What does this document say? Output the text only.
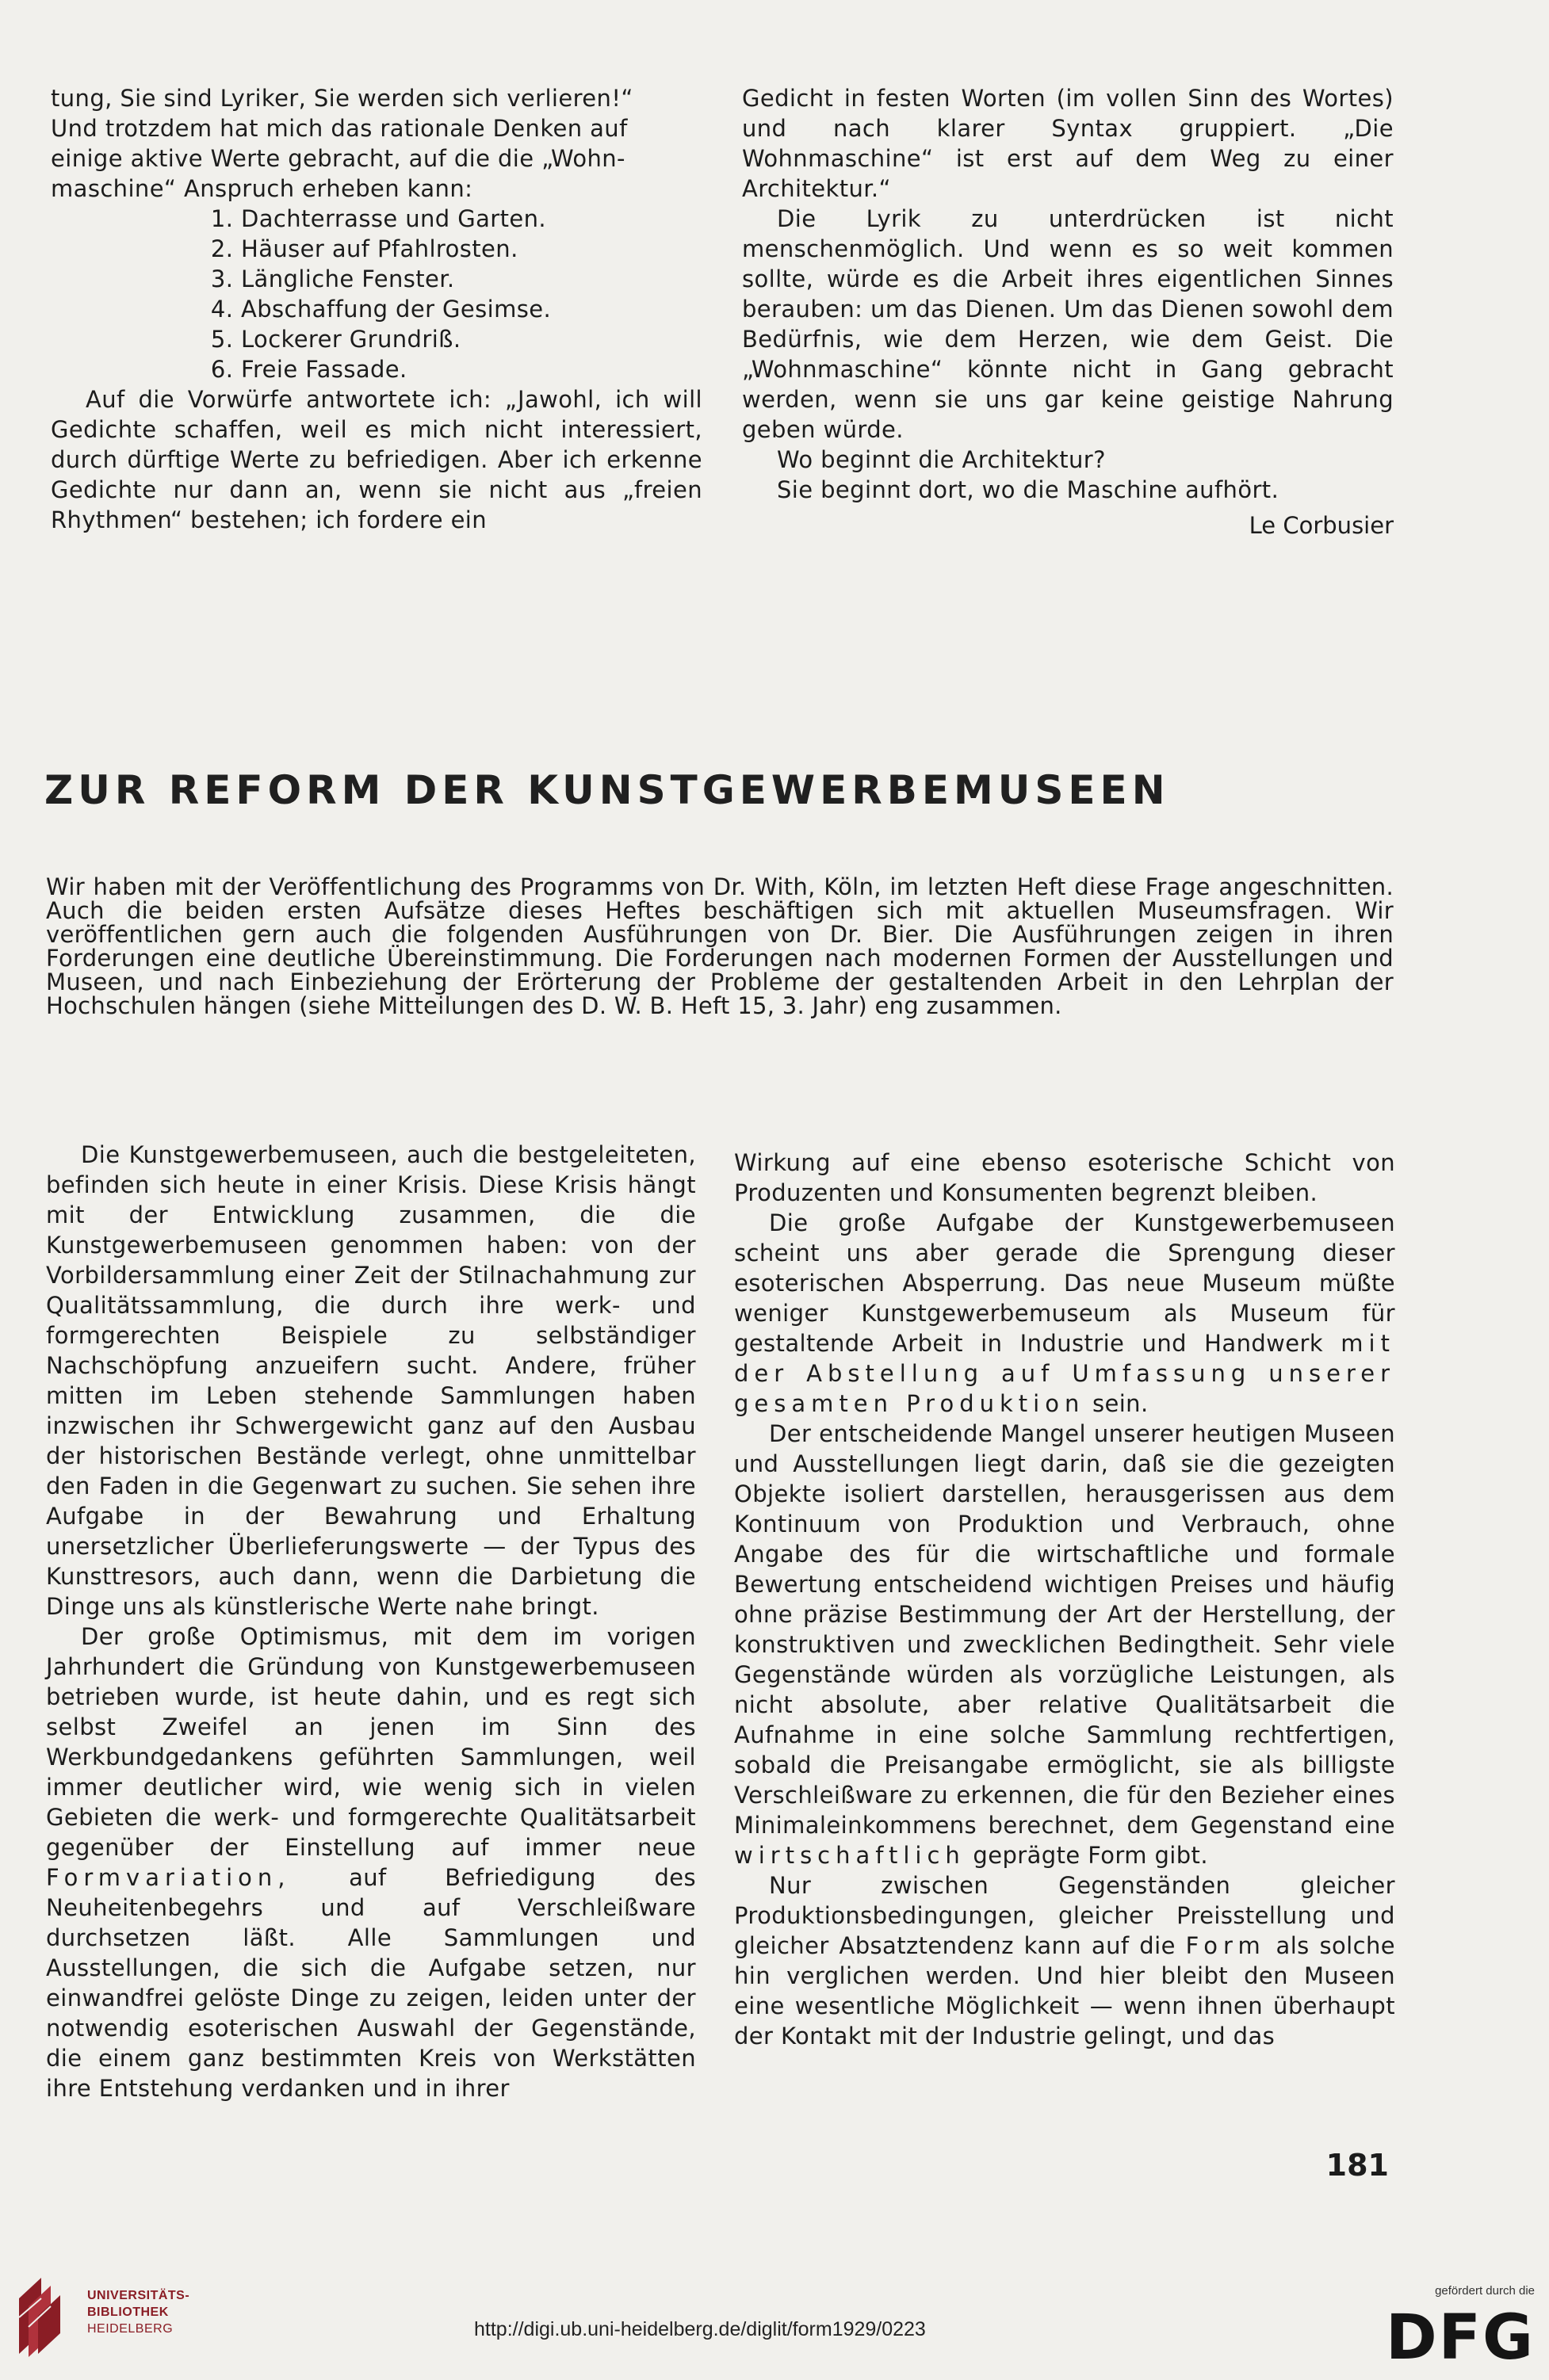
tung, Sie sind Lyriker, Sie werden sich verlieren!“

Und trotzdem hat mich das rationale Denken auf

einige aktive Werte gebracht, auf die die „Wohn-

maschine“ Anspruch erheben kann:

1. Dachterrasse und Garten.
2. Häuser auf Pfahlrosten.
3. Längliche Fenster.
4. Abschaffung der Gesimse.
5. Lockerer Grundriß.
6. Freie Fassade.

Auf die Vorwürfe antwortete ich: „Jawohl, ich will Gedichte schaffen, weil es mich nicht interessiert, durch dürftige Werte zu befriedigen. Aber ich erkenne Gedichte nur dann an, wenn sie nicht aus „freien Rhythmen“ bestehen; ich fordere ein

Gedicht in festen Worten (im vollen Sinn des Wortes) und nach klarer Syntax gruppiert. „Die Wohnmaschine“ ist erst auf dem Weg zu einer Architektur.“

Die Lyrik zu unterdrücken ist nicht menschenmöglich. Und wenn es so weit kommen sollte, würde es die Arbeit ihres eigentlichen Sinnes berauben: um das Dienen. Um das Dienen sowohl dem Bedürfnis, wie dem Herzen, wie dem Geist. Die „Wohnmaschine“ könnte nicht in Gang gebracht werden, wenn sie uns gar keine geistige Nahrung geben würde.

Wo beginnt die Architektur?

Sie beginnt dort, wo die Maschine aufhört.

Le Corbusier
ZUR REFORM DER KUNSTGEWERBEMUSEEN

Wir haben mit der Veröffentlichung des Programms von Dr. With, Köln, im letzten Heft diese Frage angeschnitten. Auch die beiden ersten Aufsätze dieses Heftes beschäftigen sich mit aktuellen Museumsfragen. Wir veröffentlichen gern auch die folgenden Ausführungen von Dr. Bier. Die Ausführungen zeigen in ihren Forderungen eine deutliche Übereinstimmung. Die Forderungen nach modernen Formen der Ausstellungen und Museen, und nach Einbeziehung der Erörterung der Probleme der gestaltenden Arbeit in den Lehrplan der Hochschulen hängen (siehe Mitteilungen des D. W. B. Heft 15, 3. Jahr) eng zusammen.

Die Kunstgewerbemuseen, auch die bestgeleiteten, befinden sich heute in einer Krisis. Diese Krisis hängt mit der Entwicklung zusammen, die die Kunstgewerbemuseen genommen haben: von der Vorbildersammlung einer Zeit der Stilnachahmung zur Qualitätssammlung, die durch ihre werk- und formgerechten Beispiele zu selbständiger Nachschöpfung anzueifern sucht. Andere, früher mitten im Leben stehende Sammlungen haben inzwischen ihr Schwergewicht ganz auf den Ausbau der historischen Bestände verlegt, ohne unmittelbar den Faden in die Gegenwart zu suchen. Sie sehen ihre Aufgabe in der Bewahrung und Erhaltung unersetzlicher Überlieferungswerte — der Typus des Kunsttresors, auch dann, wenn die Darbietung die Dinge uns als künstlerische Werte nahe bringt.

Der große Optimismus, mit dem im vorigen Jahrhundert die Gründung von Kunstgewerbemuseen betrieben wurde, ist heute dahin, und es regt sich selbst Zweifel an jenen im Sinn des Werkbundgedankens geführten Sammlungen, weil immer deutlicher wird, wie wenig sich in vielen Gebieten die werk- und formgerechte Qualitätsarbeit gegenüber der Einstellung auf immer neue Formvariation,	auf Befriedigung des Neuheitenbegehrs und auf Verschleißware durchsetzen läßt. Alle Sammlungen und Ausstellungen, die sich die Aufgabe setzen, nur einwandfrei gelöste Dinge zu zeigen, leiden unter der notwendig esoterischen Auswahl der Gegenstände, die einem ganz bestimmten Kreis von Werkstätten ihre Entstehung verdanken und in ihrer

Wirkung auf eine ebenso esoterische Schicht von Produzenten und Konsumenten begrenzt bleiben.

Die große Aufgabe der Kunstgewerbemuseen scheint uns aber gerade die Sprengung dieser esoterischen Absperrung. Das neue Museum müßte weniger Kunstgewerbemuseum als Museum für gestaltende Arbeit in Industrie und Handwerk mit der Abstellung auf Umfassung unserer gesamten Produktion sein.

Der entscheidende Mangel unserer heutigen Museen und Ausstellungen liegt darin, daß sie die gezeigten Objekte isoliert darstellen, herausgerissen aus dem Kontinuum von Produktion und Verbrauch, ohne Angabe des für die wirtschaftliche und formale Bewertung entscheidend wichtigen Preises und häufig ohne präzise Bestimmung der Art der Herstellung, der konstruktiven und zwecklichen Bedingtheit. Sehr viele Gegenstände würden als vorzügliche Leistungen, als nicht absolute, aber relative Qualitätsarbeit die Aufnahme in eine solche Sammlung rechtfertigen, sobald die Preisangabe ermöglicht, sie als billigste Verschleißware zu erkennen, die für den Bezieher eines Minimaleinkommens berechnet, dem Gegenstand eine wirtschaftlich geprägte Form gibt.

Nur zwischen Gegenständen gleicher Produktionsbedingungen, gleicher Preisstellung und gleicher Absatztendenz kann auf die Form als solche hin verglichen werden. Und hier bleibt den Museen eine wesentliche Möglichkeit — wenn ihnen überhaupt der Kontakt mit der Industrie gelingt, und das

181
UNIVERSITÄTS-
BIBLIOTHEK
HEIDELBERG	http://digi.ub.uni-heidelberg.de/diglit/form1929/0223
gefördert durch die
DFG
